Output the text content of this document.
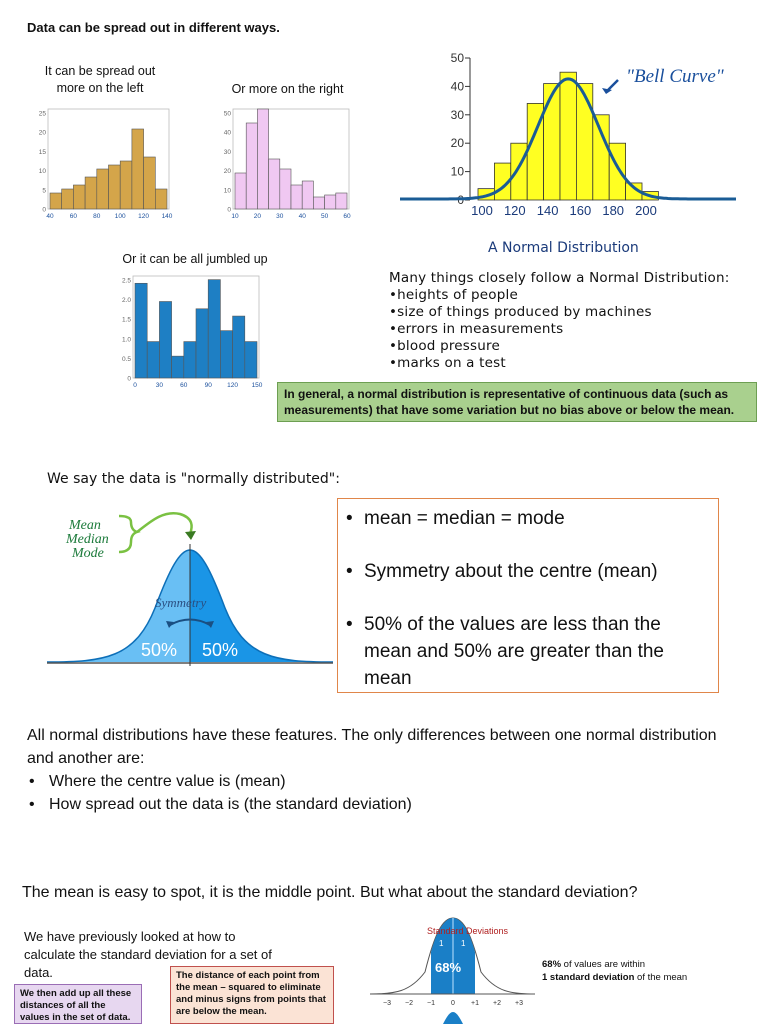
Data can be spread out in different ways.
It can be spread out
more on the left
0
5
10
15
20
25
40 60 80 100 120 140
Or more on the right
0
10
20
30
40
50
10 20 30 40 50 60
Or it can be all jumbled up
0
0.5
1.0
1.5
2.0
2.5
0	30	60	90 120 150
0
10
20
30
40
50
100 120 140 160 180 200
"Bell Curve"
A Normal Distribution
Many things closely follow a Normal Distribution:
•heights of people
•size of things produced by machines
•errors in measurements
•blood pressure
•marks on a test
In general, a normal distribution is representative of continuous data (such as measurements) that have some variation but no bias above or below the mean.
We say the data is "normally distributed":
Mean
Median
Mode
Symmetry
50% 50%
• mean = median = mode
• Symmetry about the centre (mean)
• 50% of the values are less than the mean and 50% are greater than the mean
All normal distributions have these features. The only differences between one normal distribution and another are:
• Where the centre value is (mean)
• How spread out the data is (the standard deviation)
The mean is easy to spot, it is the middle point. But what about the standard deviation?
We have previously looked at how to calculate the standard deviation for a set of data.
We then add up all these distances of all the values in the set of data.
The distance of each point from the mean – squared to eliminate and minus signs from points that are below the mean.
Standard Deviations
1 1
68%
−3 −2 −1 0 +1 +2 +3
68% of values are within
1 standard deviation of the mean
